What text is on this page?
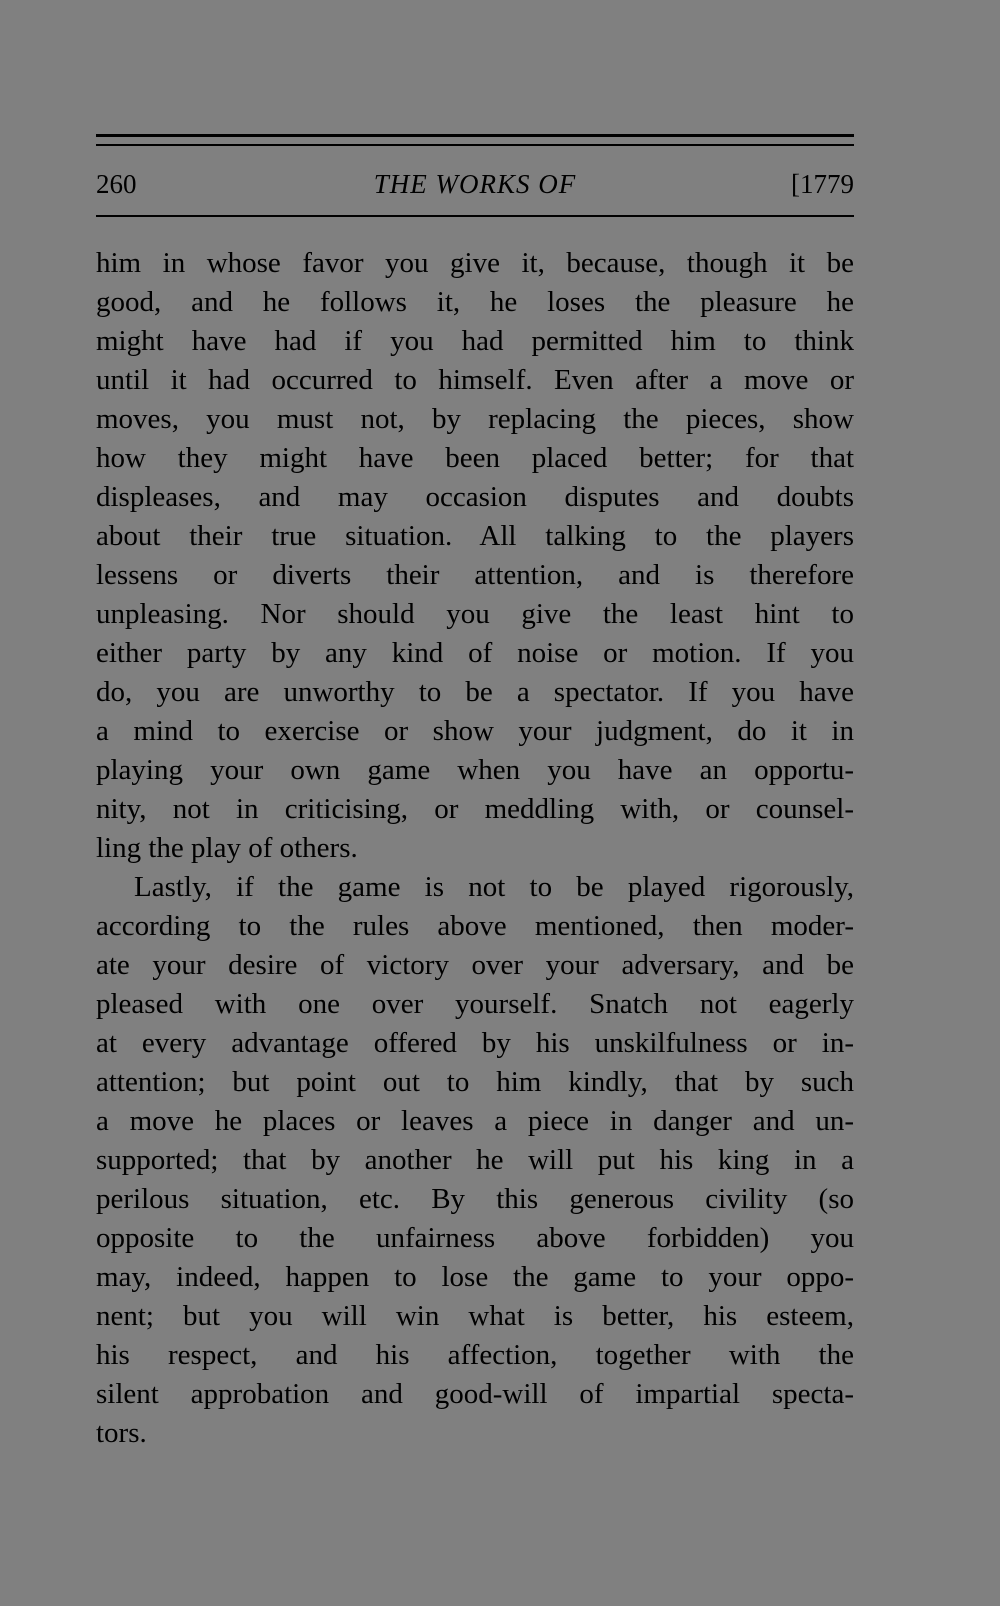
260	THE WORKS OF	[1779
him in whose favor you give it, because, though it be
good, and he follows it, he loses the pleasure he
might have had if you had permitted him to think
until it had occurred to himself. Even after a move or
moves, you must not, by replacing the pieces, show
how they might have been placed better; for that
displeases, and may occasion disputes and doubts
about their true situation. All talking to the players
lessens or diverts their attention, and is therefore
unpleasing. Nor should you give the least hint to
either party by any kind of noise or motion. If you
do, you are unworthy to be a spectator. If you have
a mind to exercise or show your judgment, do it in
playing your own game when you have an opportu-
nity, not in criticising, or meddling with, or counsel-
ling the play of others.
Lastly, if the game is not to be played rigorously,
according to the rules above mentioned, then moder-
ate your desire of victory over your adversary, and be
pleased with one over yourself. Snatch not eagerly
at every advantage offered by his unskilfulness or in-
attention; but point out to him kindly, that by such
a move he places or leaves a piece in danger and un-
supported; that by another he will put his king in a
perilous situation, etc. By this generous civility (so
opposite to the unfairness above forbidden) you
may, indeed, happen to lose the game to your oppo-
nent; but you will win what is better, his esteem,
his respect, and his affection, together with the
silent approbation and good-will of impartial specta-
tors.
